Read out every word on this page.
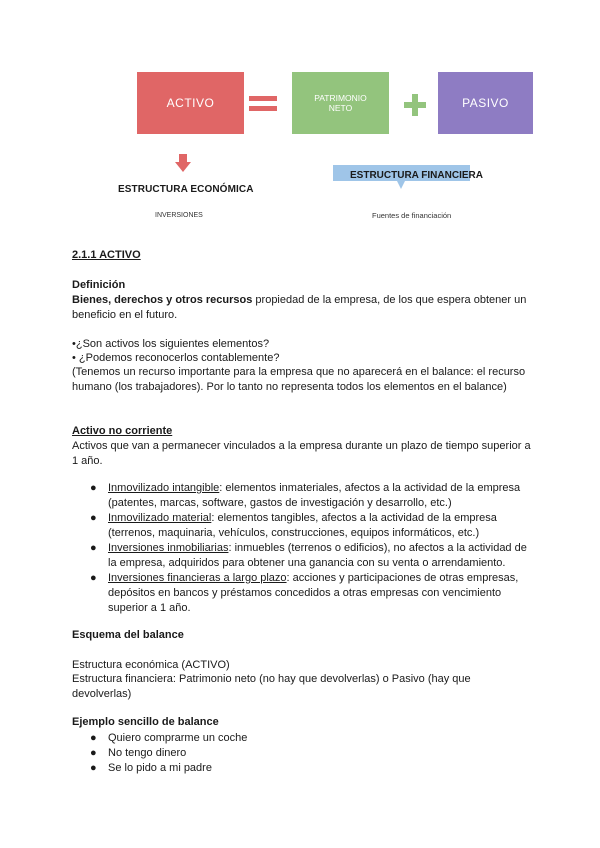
ACTIVO	PATRIMONIO
NETO	PASIVO
ESTRUCTURA ECONÓMICA
INVERSIONES
ESTRUCTURA FINANCIERA
Fuentes de financiación
2.1.1 ACTIVO
Definición
Bienes, derechos y otros recursos propiedad de la empresa, de los que espera obtener un beneficio en el futuro.
•¿Son activos los siguientes elementos?
• ¿Podemos reconocerlos contablemente?
(Tenemos un recurso importante para la empresa que no aparecerá en el balance: el recurso humano (los trabajadores). Por lo tanto no representa todos los elementos en el balance)
Activo no corriente
Activos que van a permanecer vinculados a la empresa durante un plazo de tiempo superior a 1 año.
● Inmovilizado intangible: elementos inmateriales, afectos a la actividad de la empresa (patentes, marcas, software, gastos de investigación y desarrollo, etc.)
● Inmovilizado material: elementos tangibles, afectos a la actividad de la empresa (terrenos, maquinaria, vehículos, construcciones, equipos informáticos, etc.)
● Inversiones inmobiliarias: inmuebles (terrenos o edificios), no afectos a la actividad de la empresa, adquiridos para obtener una ganancia con su venta o arrendamiento.
● Inversiones financieras a largo plazo: acciones y participaciones de otras empresas, depósitos en bancos y préstamos concedidos a otras empresas con vencimiento superior a 1 año.
Esquema del balance
Estructura económica (ACTIVO)
Estructura financiera: Patrimonio neto (no hay que devolverlas) o Pasivo (hay que devolverlas)
Ejemplo sencillo de balance
● Quiero comprarme un coche
● No tengo dinero
● Se lo pido a mi padre
